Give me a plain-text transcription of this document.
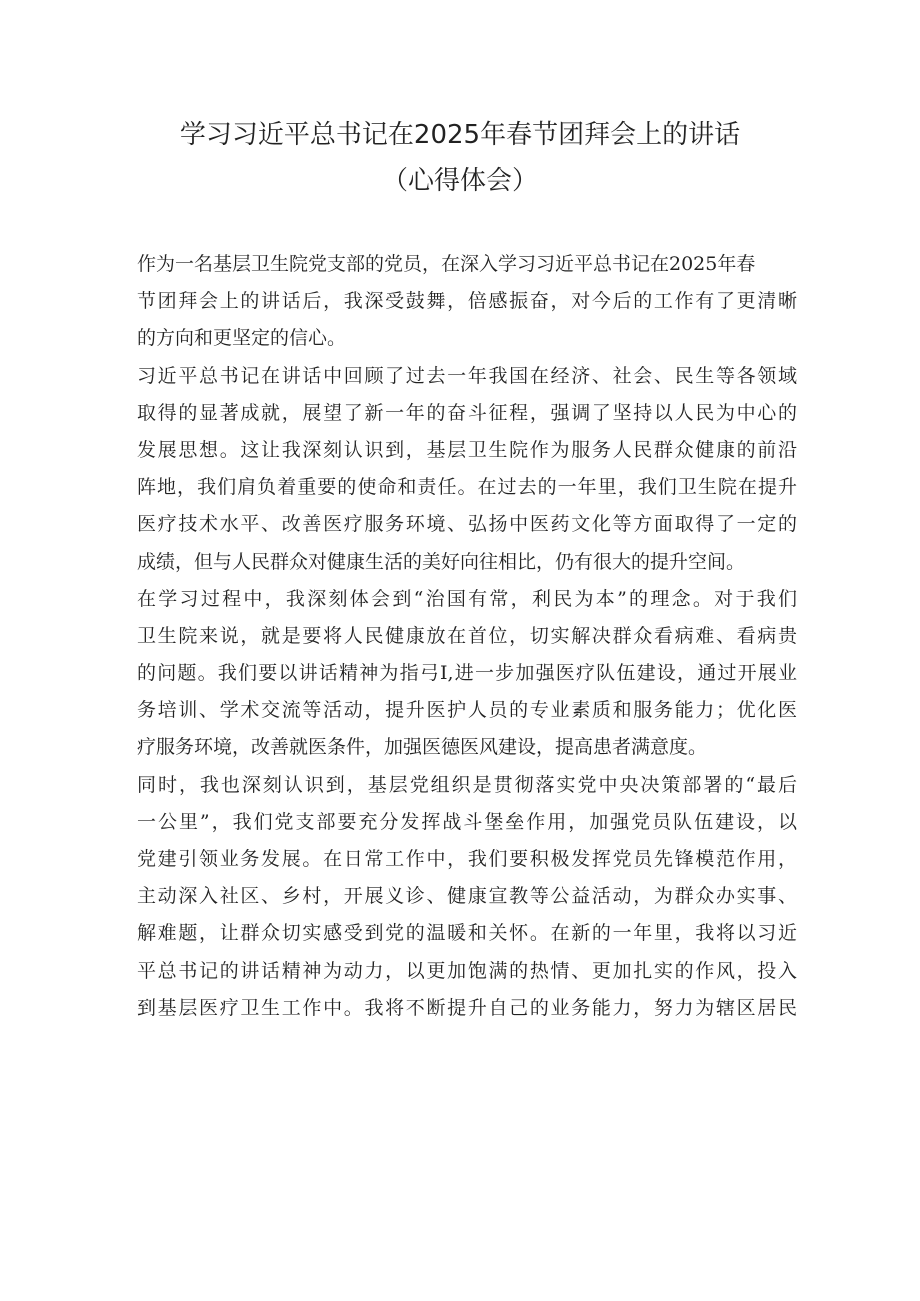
学习习近平总书记在2025年春节团拜会上的讲话
（心得体会）
作为一名基层卫生院党支部的党员，在深入学习习近平总书记在2025年春
节团拜会上的讲话后，我深受鼓舞，倍感振奋，对今后的工作有了更清晰
的方向和更坚定的信心。
习近平总书记在讲话中回顾了过去一年我国在经济、社会、民生等各领域
取得的显著成就，展望了新一年的奋斗征程，强调了坚持以人民为中心的
发展思想。这让我深刻认识到，基层卫生院作为服务人民群众健康的前沿
阵地，我们肩负着重要的使命和责任。在过去的一年里，我们卫生院在提升
医疗技术水平、改善医疗服务环境、弘扬中医药文化等方面取得了一定的
成绩，但与人民群众对健康生活的美好向往相比，仍有很大的提升空间。
在学习过程中，我深刻体会到“治国有常，利民为本”的理念。对于我们
卫生院来说，就是要将人民健康放在首位，切实解决群众看病难、看病贵
的问题。我们要以讲话精神为指弓I,进一步加强医疗队伍建设，通过开展业
务培训、学术交流等活动，提升医护人员的专业素质和服务能力；优化医
疗服务环境，改善就医条件，加强医德医风建设，提高患者满意度。
同时，我也深刻认识到，基层党组织是贯彻落实党中央决策部署的“最后
一公里”，我们党支部要充分发挥战斗堡垒作用，加强党员队伍建设，以
党建引领业务发展。在日常工作中，我们要积极发挥党员先锋模范作用，
主动深入社区、乡村，开展义诊、健康宣教等公益活动，为群众办实事、
解难题，让群众切实感受到党的温暖和关怀。在新的一年里，我将以习近
平总书记的讲话精神为动力，以更加饱满的热情、更加扎实的作风，投入
到基层医疗卫生工作中。我将不断提升自己的业务能力，努力为辖区居民
